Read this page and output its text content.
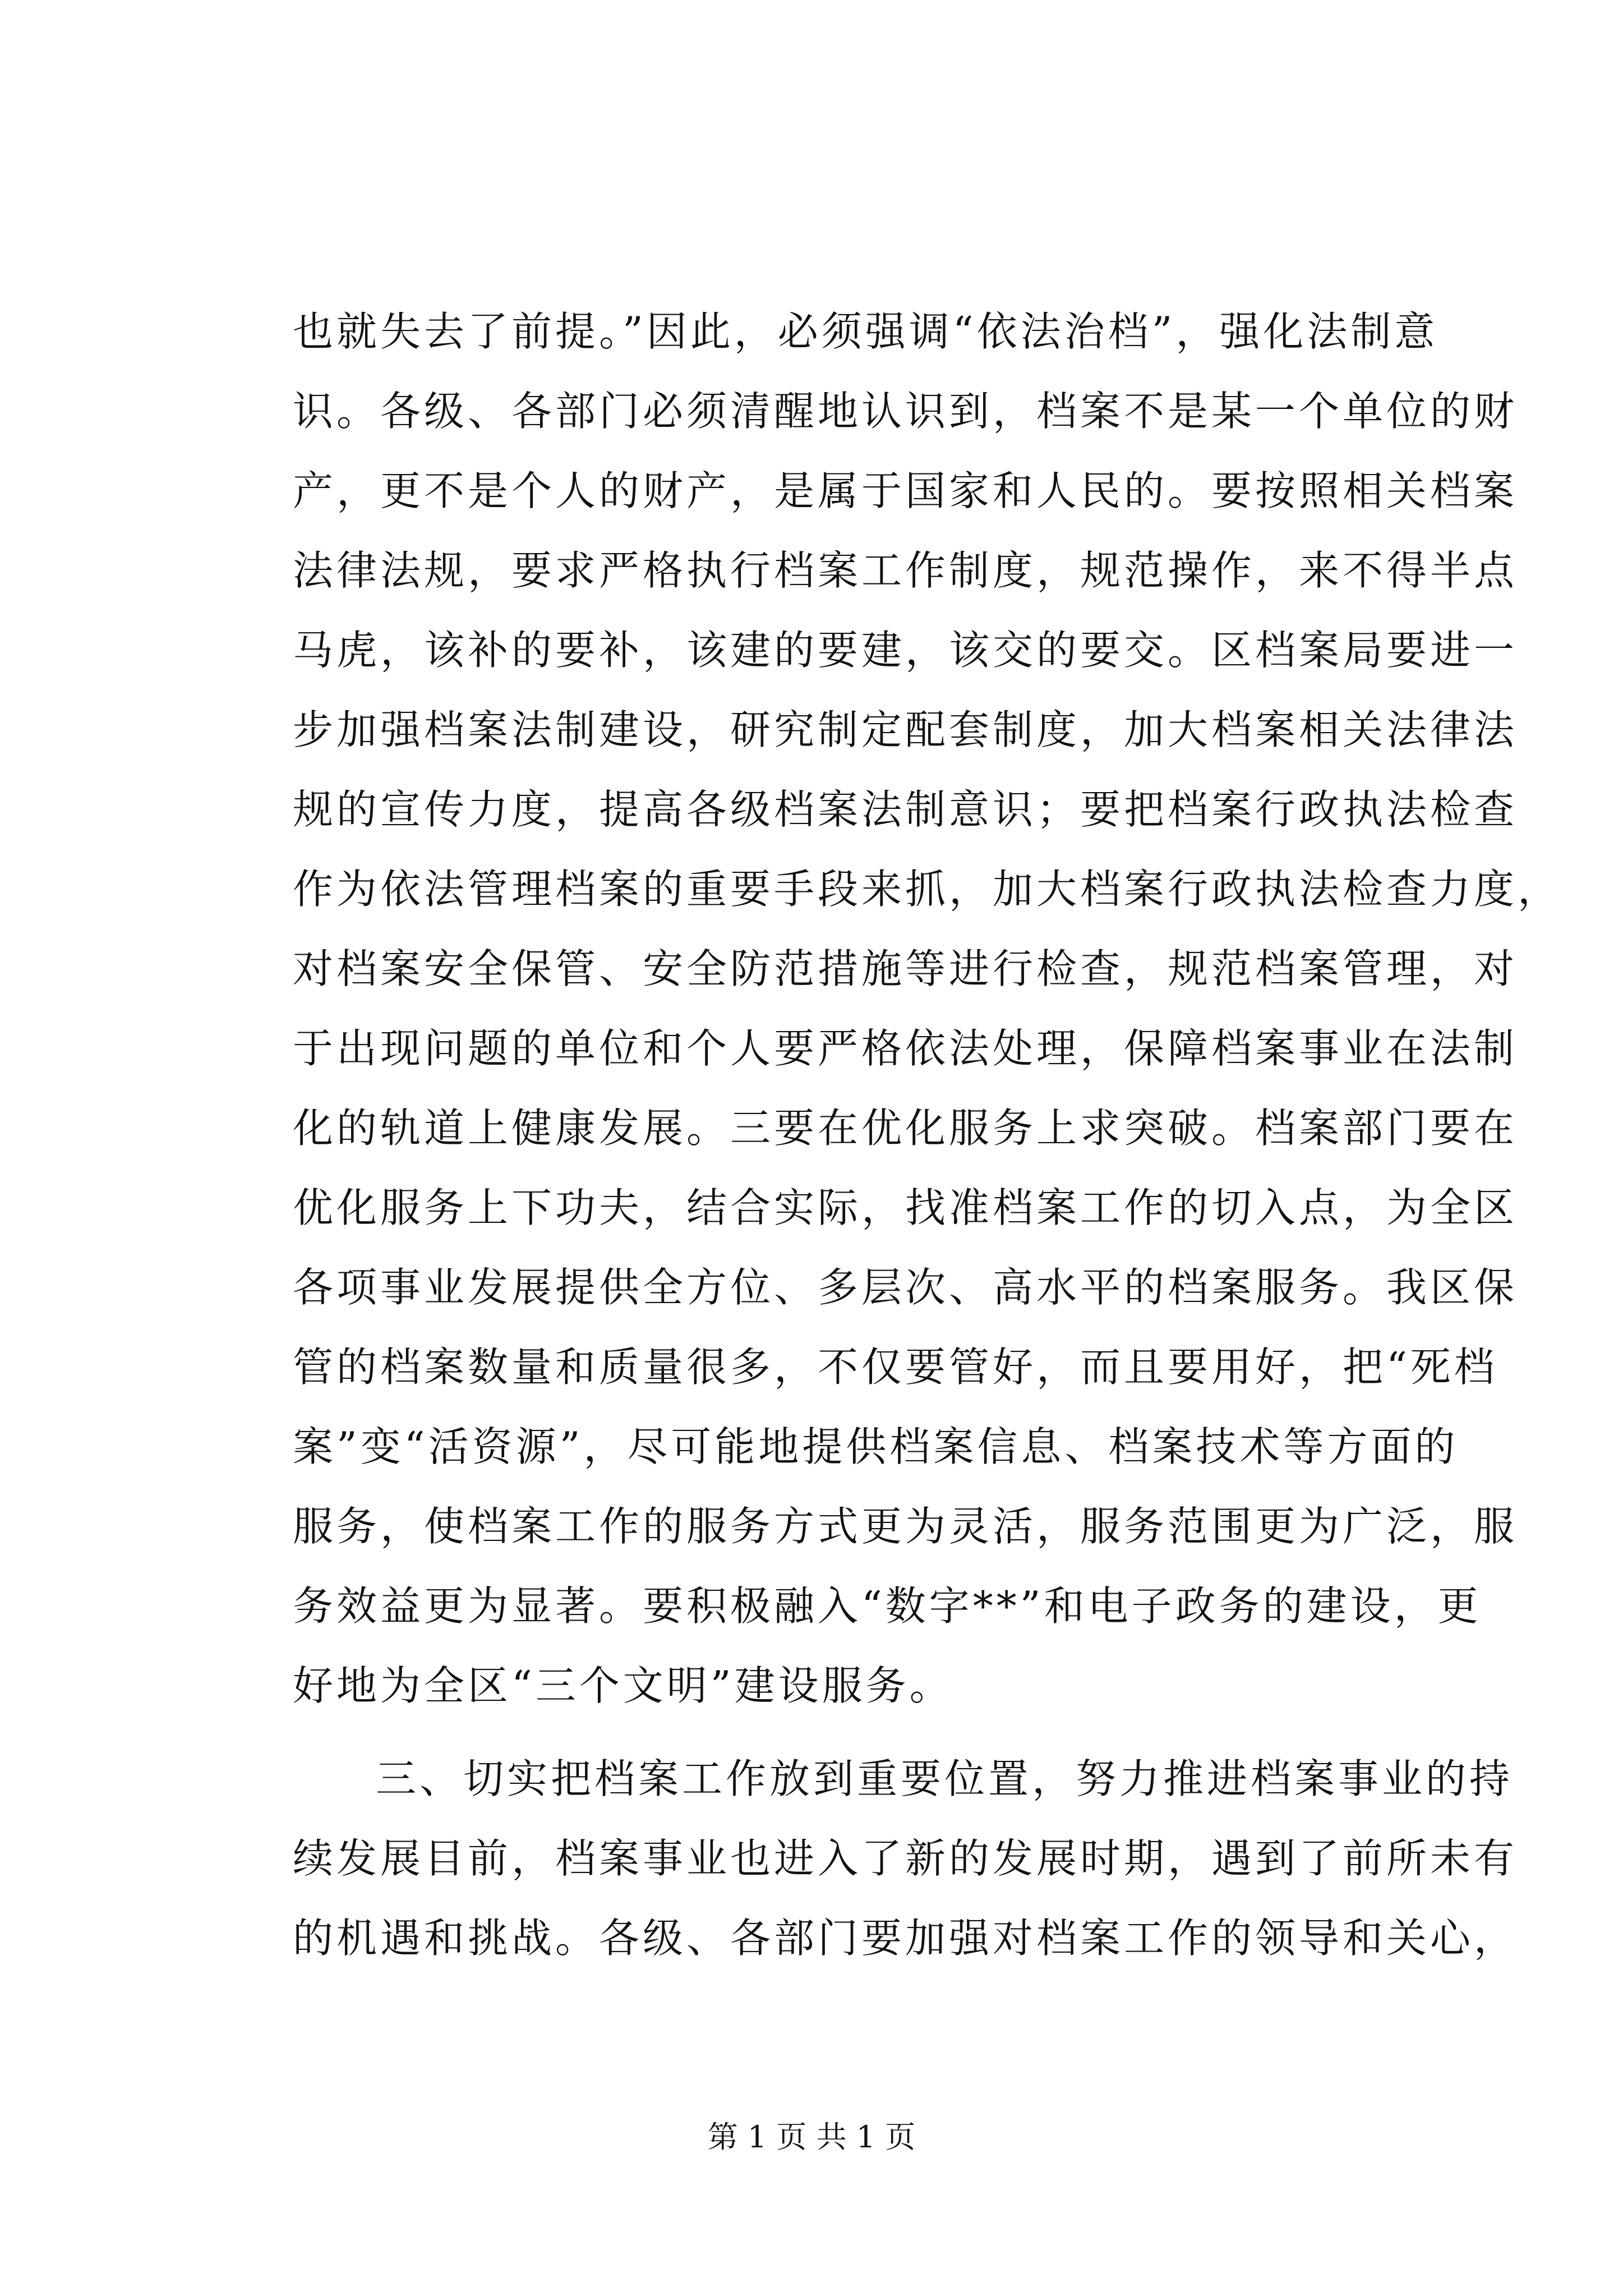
也就失去了前提。”因此，必须强调“依法治档”，强化法制意
识。各级、各部门必须清醒地认识到，档案不是某一个单位的财
产，更不是个人的财产，是属于国家和人民的。要按照相关档案
法律法规，要求严格执行档案工作制度，规范操作，来不得半点
马虎，该补的要补，该建的要建，该交的要交。区档案局要进一
步加强档案法制建设，研究制定配套制度，加大档案相关法律法
规的宣传力度，提高各级档案法制意识；要把档案行政执法检查
作为依法管理档案的重要手段来抓，加大档案行政执法检查力度，
对档案安全保管、安全防范措施等进行检查，规范档案管理，对
于出现问题的单位和个人要严格依法处理，保障档案事业在法制
化的轨道上健康发展。三要在优化服务上求突破。档案部门要在
优化服务上下功夫，结合实际，找准档案工作的切入点，为全区
各项事业发展提供全方位、多层次、高水平的档案服务。我区保
管的档案数量和质量很多，不仅要管好，而且要用好，把“死档
案”变“活资源”，尽可能地提供档案信息、档案技术等方面的
服务，使档案工作的服务方式更为灵活，服务范围更为广泛，服
务效益更为显著。要积极融入“数字**”和电子政务的建设，更
好地为全区“三个文明”建设服务。
三、切实把档案工作放到重要位置，努力推进档案事业的持
续发展目前，档案事业也进入了新的发展时期，遇到了前所未有
的机遇和挑战。各级、各部门要加强对档案工作的领导和关心，
第 1 页 共 1 页
